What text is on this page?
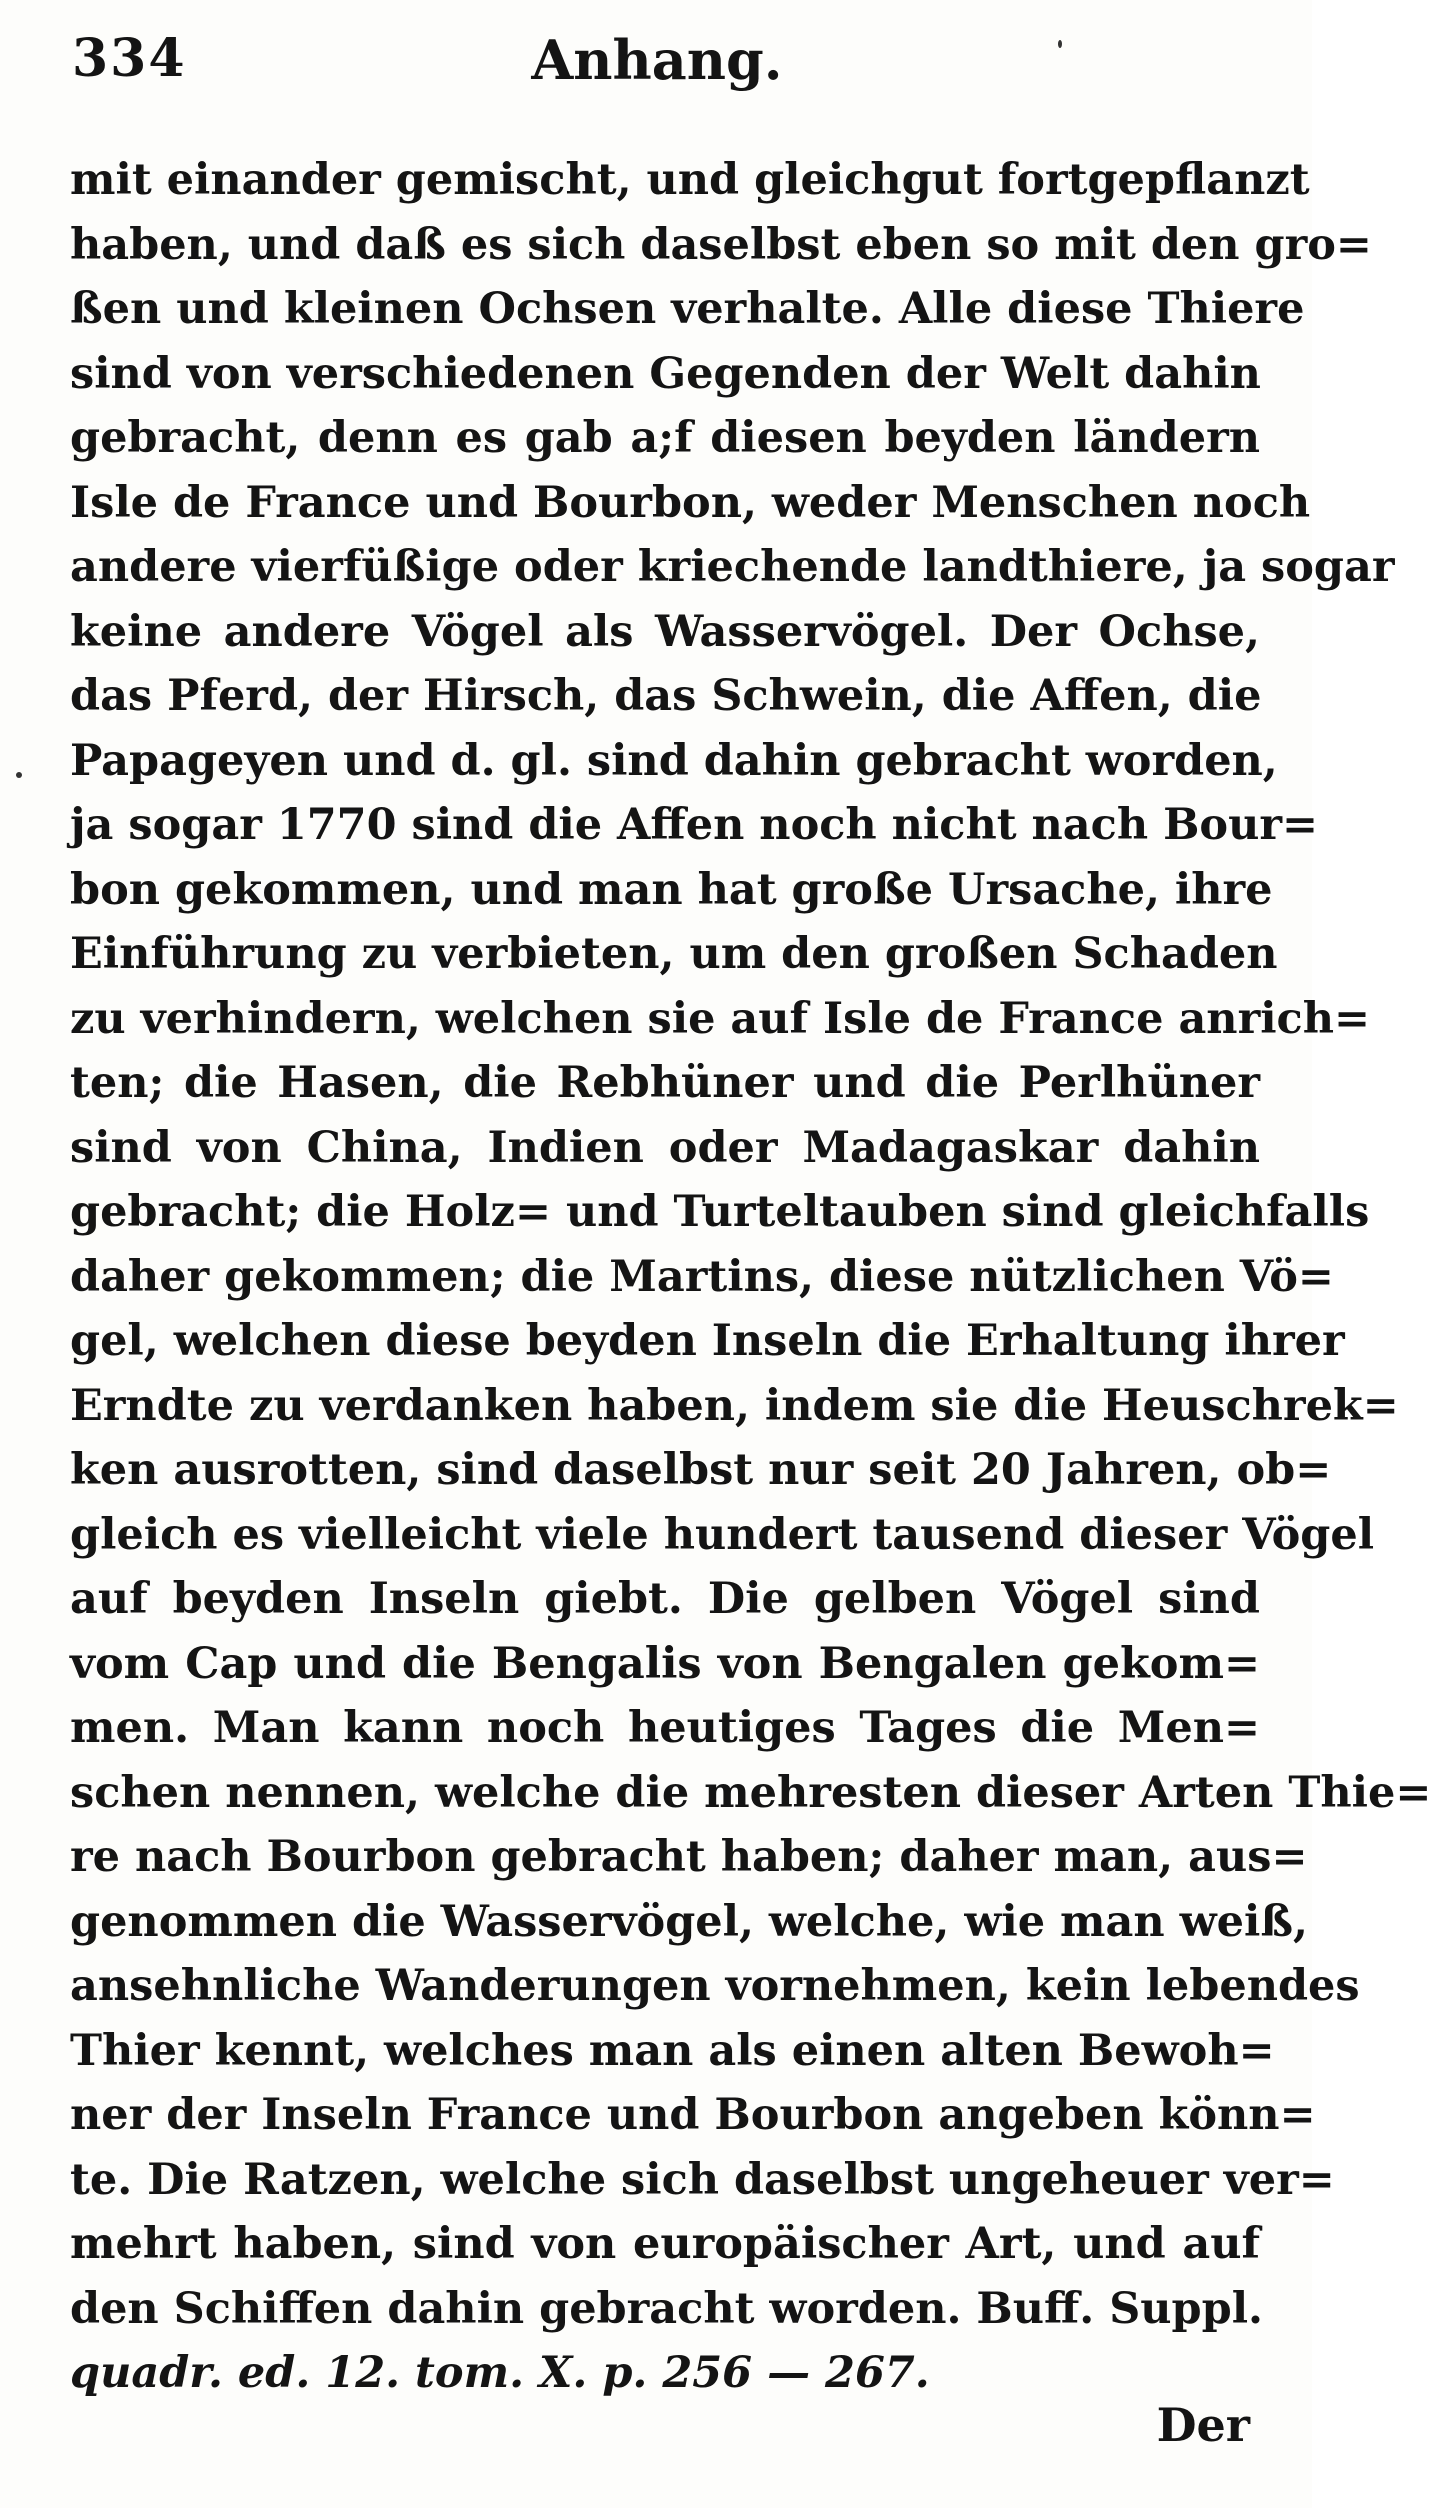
334	Anhang.
mit einander gemischt, und gleichgut fortgepflanzt
haben, und daß es sich daselbst eben so mit den gro=
ßen und kleinen Ochsen verhalte. Alle diese Thiere
sind von verschiedenen Gegenden der Welt dahin
gebracht, denn es gab a;f diesen beyden ländern
Isle de France und Bourbon, weder Menschen noch
andere vierfüßige oder kriechende landthiere, ja sogar
keine andere Vögel als Wasservögel. Der Ochse,
das Pferd, der Hirsch, das Schwein, die Affen, die
Papageyen und d. gl. sind dahin gebracht worden,
ja sogar 1770 sind die Affen noch nicht nach Bour=
bon gekommen, und man hat große Ursache, ihre
Einführung zu verbieten, um den großen Schaden
zu verhindern, welchen sie auf Isle de France anrich=
ten; die Hasen, die Rebhüner und die Perlhüner
sind von China, Indien oder Madagaskar dahin
gebracht; die Holz= und Turteltauben sind gleichfalls
daher gekommen; die Martins, diese nützlichen Vö=
gel, welchen diese beyden Inseln die Erhaltung ihrer
Erndte zu verdanken haben, indem sie die Heuschrek=
ken ausrotten, sind daselbst nur seit 20 Jahren, ob=
gleich es vielleicht viele hundert tausend dieser Vögel
auf beyden Inseln giebt. Die gelben Vögel sind
vom Cap und die Bengalis von Bengalen gekom=
men. Man kann noch heutiges Tages die Men=
schen nennen, welche die mehresten dieser Arten Thie=
re nach Bourbon gebracht haben; daher man, aus=
genommen die Wasservögel, welche, wie man weiß,
ansehnliche Wanderungen vornehmen, kein lebendes
Thier kennt, welches man als einen alten Bewoh=
ner der Inseln France und Bourbon angeben könn=
te. Die Ratzen, welche sich daselbst ungeheuer ver=
mehrt haben, sind von europäischer Art, und auf
den Schiffen dahin gebracht worden. Buff. Suppl.
quadr. ed. 12. tom. X. p. 256 — 267.
Der
